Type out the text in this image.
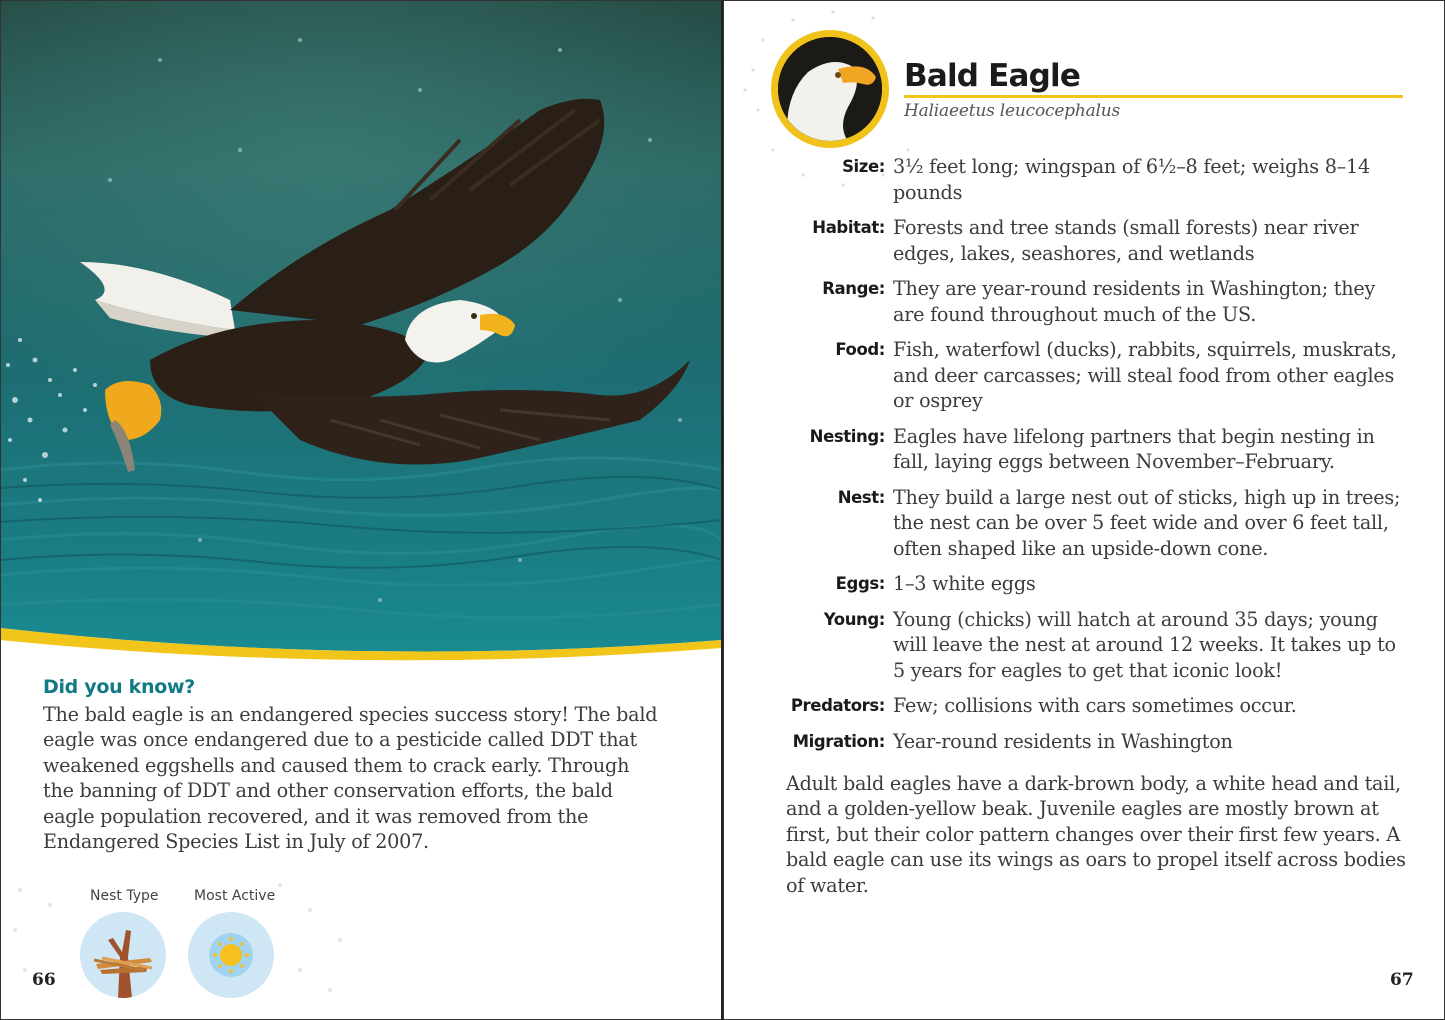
Did you know?
The bald eagle is an endangered species success story! The bald eagle was once endangered due to a pesticide called DDT that weakened eggshells and caused them to crack early. Through the banning of DDT and other conservation efforts, the bald eagle population recovered, and it was removed from the Endangered Species List in July of 2007.
Nest Type	Most Active
66
Bald Eagle
Haliaeetus leucocephalus
Size: 3½ feet long; wingspan of 6½–8 feet; weighs 8–14 pounds
Habitat: Forests and tree stands (small forests) near river edges, lakes, seashores, and wetlands
Range: They are year-round residents in Washington; they are found throughout much of the US.
Food: Fish, waterfowl (ducks), rabbits, squirrels, muskrats, and deer carcasses; will steal food from other eagles or osprey
Nesting: Eagles have lifelong partners that begin nesting in fall, laying eggs between November–February.
Nest: They build a large nest out of sticks, high up in trees; the nest can be over 5 feet wide and over 6 feet tall, often shaped like an upside-down cone.
Eggs: 1–3 white eggs
Young: Young (chicks) will hatch at around 35 days; young will leave the nest at around 12 weeks. It takes up to 5 years for eagles to get that iconic look!
Predators: Few; collisions with cars sometimes occur.
Migration: Year-round residents in Washington
Adult bald eagles have a dark-brown body, a white head and tail, and a golden-yellow beak. Juvenile eagles are mostly brown at first, but their color pattern changes over their first few years. A bald eagle can use its wings as oars to propel itself across bodies of water.
67
